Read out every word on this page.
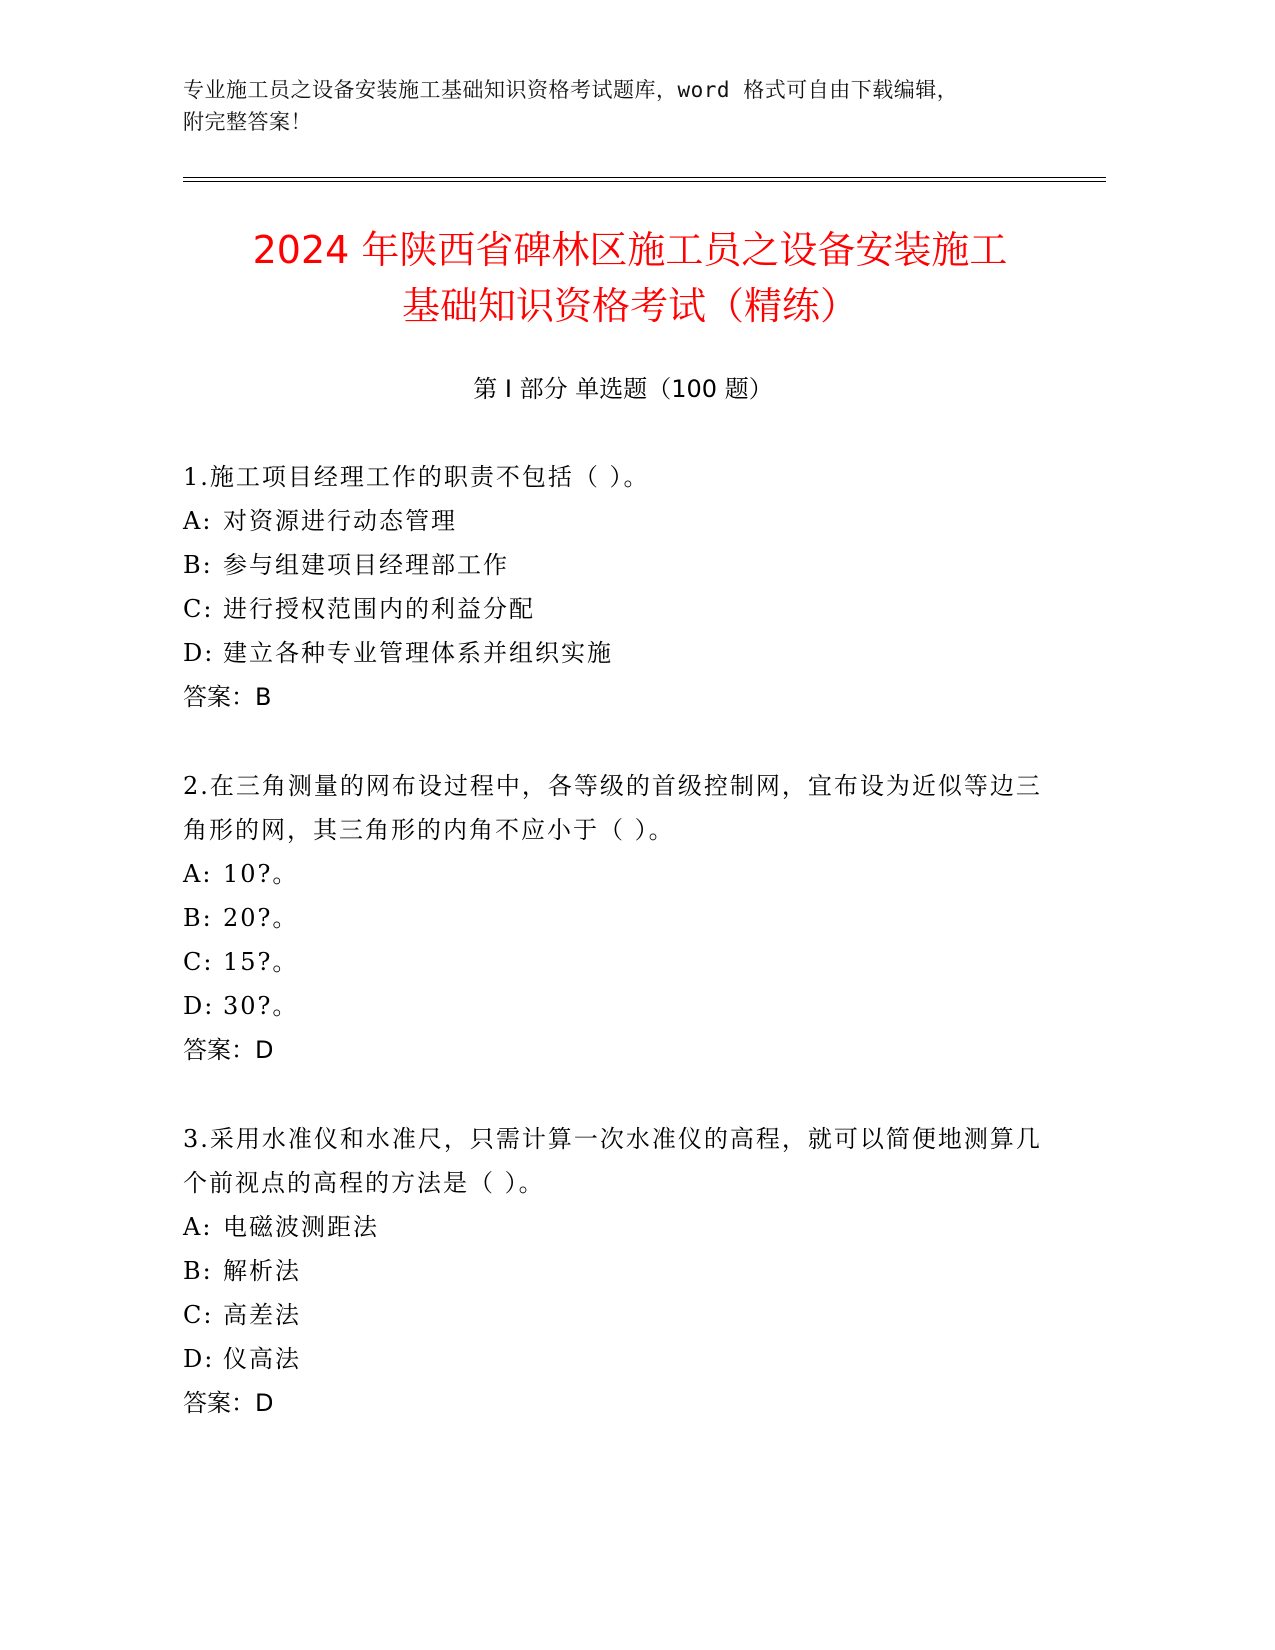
专业施工员之设备安装施工基础知识资格考试题库，word 格式可自由下载编辑，
附完整答案！
2024 年陕西省碑林区施工员之设备安装施工
基础知识资格考试（精练）
第 I 部分 单选题（100 题）

1.施工项目经理工作的职责不包括（ ）。

A: 对资源进行动态管理

B: 参与组建项目经理部工作

C: 进行授权范围内的利益分配

D: 建立各种专业管理体系并组织实施

答案：B

2.在三角测量的网布设过程中，各等级的首级控制网，宜布设为近似等边三角形的网，其三角形的内角不应小于（ ）。

A: 10?。

B: 20?。

C: 15?。

D: 30?。

答案：D

3.采用水准仪和水准尺，只需计算一次水准仪的高程，就可以简便地测算几个前视点的高程的方法是（ ）。

A: 电磁波测距法

B: 解析法

C: 高差法

D: 仪高法

答案：D
